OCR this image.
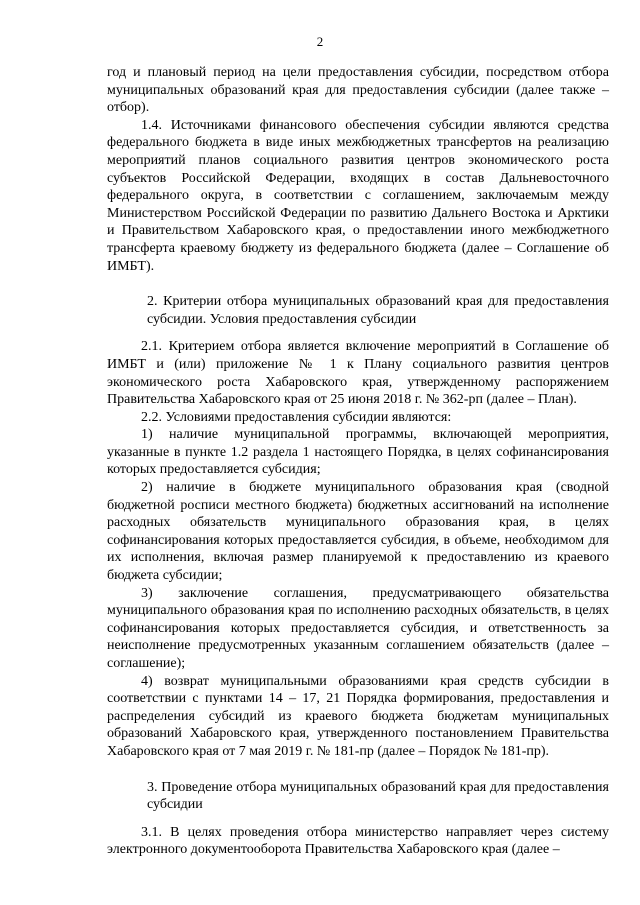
2

год и плановый период на цели предоставления субсидии, посредством отбора муниципальных образований края для предоставления субсидии (далее также – отбор).

1.4. Источниками финансового обеспечения субсидии являются средства федерального бюджета в виде иных межбюджетных трансфертов на реализацию мероприятий планов социального развития центров экономического роста субъектов Российской Федерации, входящих в состав Дальневосточного федерального округа, в соответствии с соглашением, заключаемым между Министерством Российской Федерации по развитию Дальнего Востока и Арктики и Правительством Хабаровского края, о предоставлении иного межбюджетного трансферта краевому бюджету из федерального бюджета (далее – Соглашение об ИМБТ).

2. Критерии отбора муниципальных образований края для предоставления субсидии. Условия предоставления субсидии

2.1. Критерием отбора является включение мероприятий в Соглашение об ИМБТ и (или) приложение № 1 к Плану социального развития центров экономического роста Хабаровского края, утвержденному распоряжением Правительства Хабаровского края от 25 июня 2018 г. № 362-рп (далее – План).

2.2. Условиями предоставления субсидии являются:

1) наличие муниципальной программы, включающей мероприятия, указанные в пункте 1.2 раздела 1 настоящего Порядка, в целях софинансирования которых предоставляется субсидия;

2) наличие в бюджете муниципального образования края (сводной бюджетной росписи местного бюджета) бюджетных ассигнований на исполнение расходных обязательств муниципального образования края, в целях софинансирования которых предоставляется субсидия, в объеме, необходимом для их исполнения, включая размер планируемой к предоставлению из краевого бюджета субсидии;

3) заключение соглашения, предусматривающего обязательства муниципального образования края по исполнению расходных обязательств, в целях софинансирования которых предоставляется субсидия, и ответственность за неисполнение предусмотренных указанным соглашением обязательств (далее – соглашение);

4) возврат муниципальными образованиями края средств субсидии в соответствии с пунктами 14 – 17, 21 Порядка формирования, предоставления и распределения субсидий из краевого бюджета бюджетам муниципальных образований Хабаровского края, утвержденного постановлением Правительства Хабаровского края от 7 мая 2019 г. № 181-пр (далее – Порядок № 181-пр).

3. Проведение отбора муниципальных образований края для предоставления субсидии

3.1. В целях проведения отбора министерство направляет через систему электронного документооборота Правительства Хабаровского края (далее –
